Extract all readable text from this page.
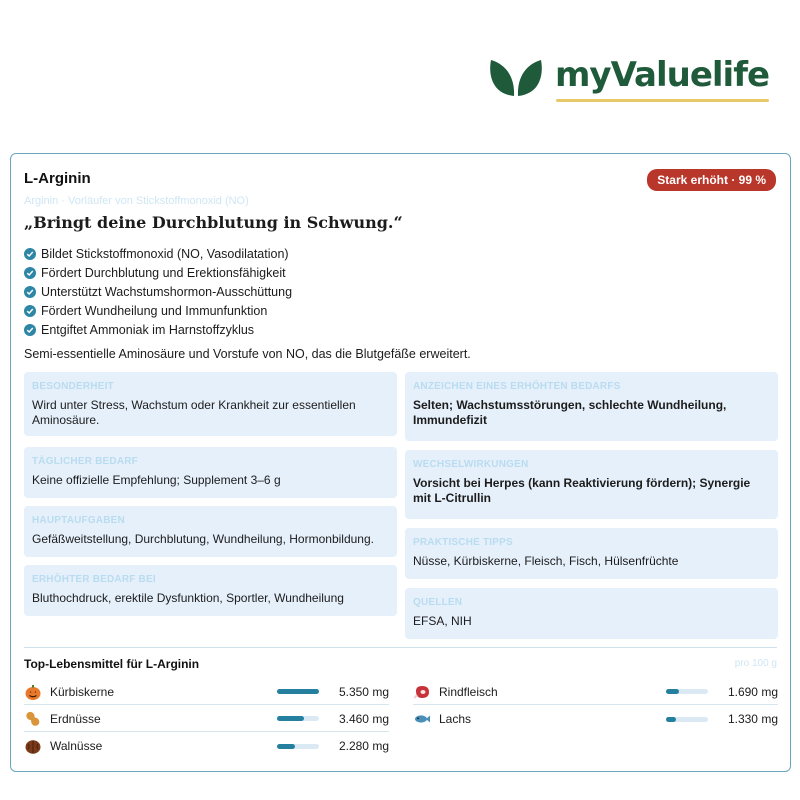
myValuelife
L-Arginin	Stark erhöht · 99 %
Arginin · Vorläufer von Stickstoffmonoxid (NO)
„Bringt deine Durchblutung in Schwung.“
Bildet Stickstoffmonoxid (NO, Vasodilatation)
Fördert Durchblutung und Erektionsfähigkeit
Unterstützt Wachstumshormon-Ausschüttung
Fördert Wundheilung und Immunfunktion
Entgiftet Ammoniak im Harnstoffzyklus
Semi-essentielle Aminosäure und Vorstufe von NO, das die Blutgefäße erweitert.
BESONDERHEIT
Wird unter Stress, Wachstum oder Krankheit zur essentiellen Aminosäure.
TÄGLICHER BEDARF
Keine offizielle Empfehlung; Supplement 3–6 g
HAUPTAUFGABEN
Gefäßweitstellung, Durchblutung, Wundheilung, Hormonbildung.
ERHÖHTER BEDARF BEI
Bluthochdruck, erektile Dysfunktion, Sportler, Wundheilung
ANZEICHEN EINES ERHÖHTEN BEDARFS
Selten; Wachstumsstörungen, schlechte Wundheilung, Immundefizit
WECHSELWIRKUNGEN
Vorsicht bei Herpes (kann Reaktivierung fördern); Synergie mit L-Citrullin
PRAKTISCHE TIPPS
Nüsse, Kürbiskerne, Fleisch, Fisch, Hülsenfrüchte
QUELLEN
EFSA, NIH
Top-Lebensmittel für L-Arginin	pro 100 g
Kürbiskerne	5.350 mg
Erdnüsse	3.460 mg
Walnüsse	2.280 mg
Rindfleisch	1.690 mg
Lachs	1.330 mg
